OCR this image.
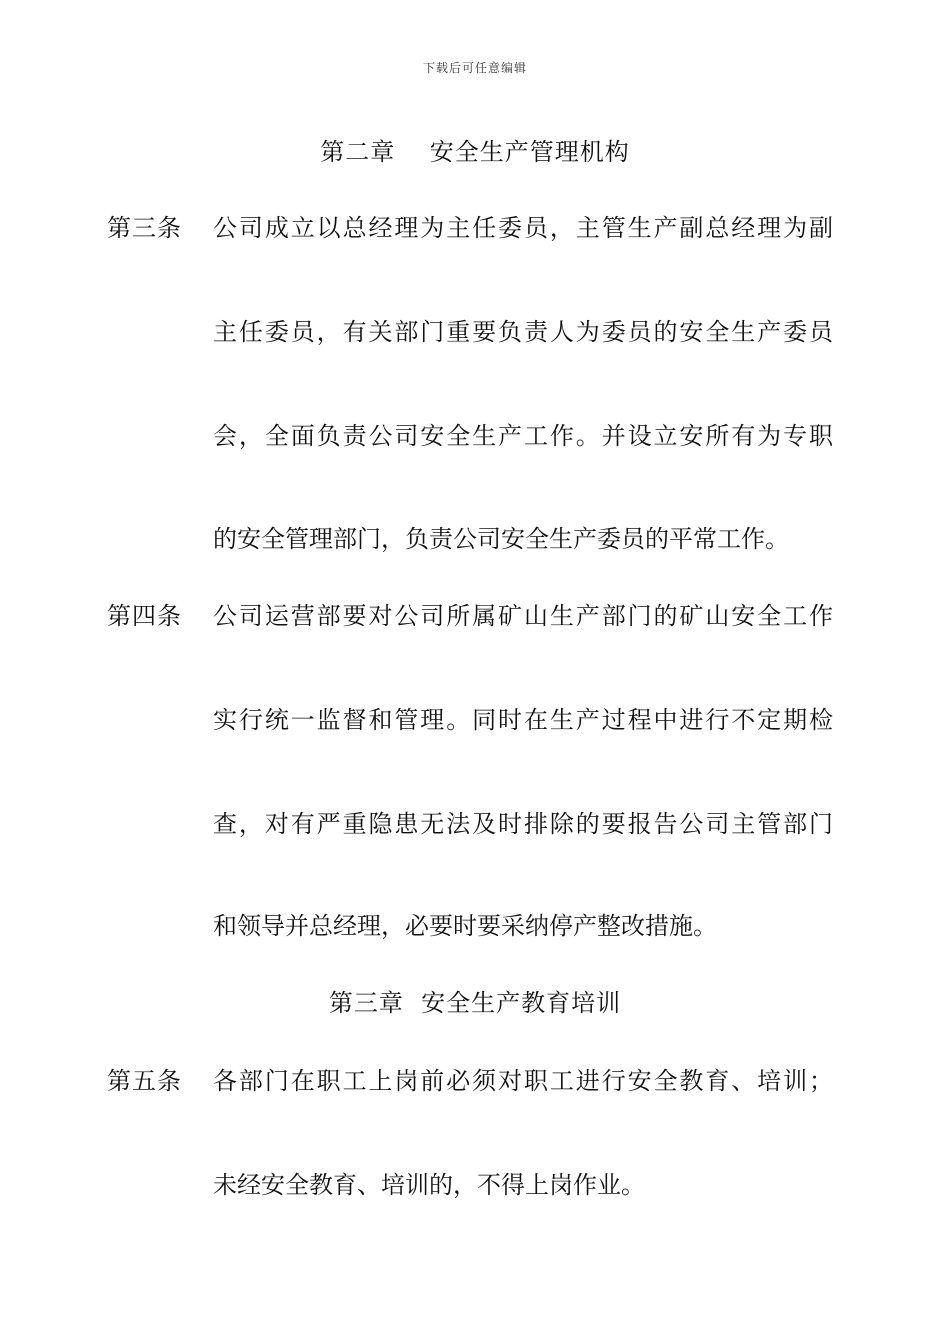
下载后可任意编辑
第二章    安全生产管理机构
第三条 公司成立以总经理为主任委员，主管生产副总经理为副
主任委员，有关部门重要负责人为委员的安全生产委员
会，全面负责公司安全生产工作。并设立安所有为专职
的安全管理部门，负责公司安全生产委员的平常工作。
第四条 公司运营部要对公司所属矿山生产部门的矿山安全工作
实行统一监督和管理。同时在生产过程中进行不定期检
查，对有严重隐患无法及时排除的要报告公司主管部门
和领导并总经理，必要时要采纳停产整改措施。
第三章  安全生产教育培训
第五条 各部门在职工上岗前必须对职工进行安全教育、培训；
未经安全教育、培训的，不得上岗作业。
